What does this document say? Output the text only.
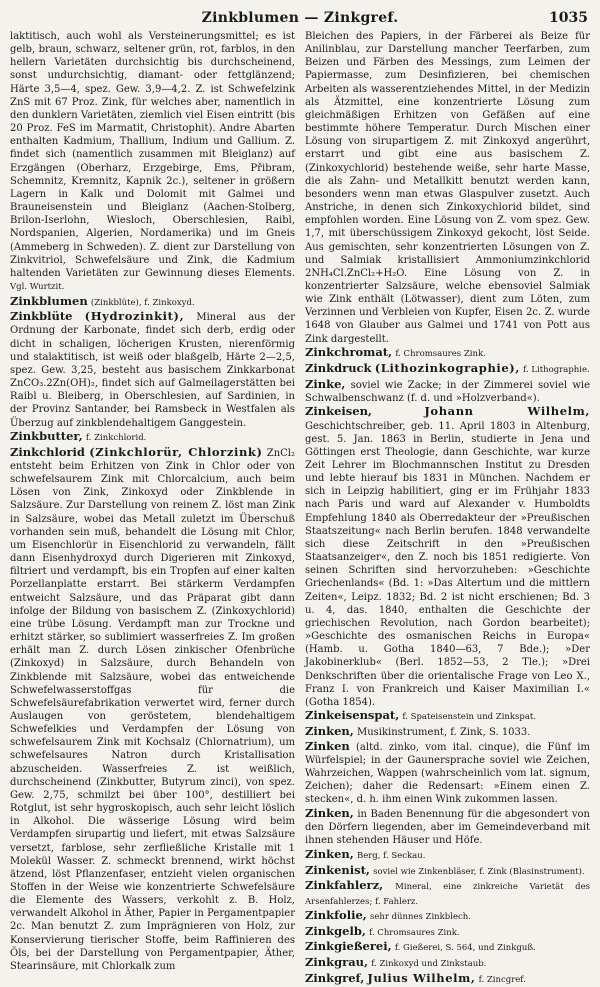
Zinkblumen — Zinkgref.	1035

laktitisch, auch wohl als Versteinerungsmittel; es ist gelb, braun, schwarz, seltener grün, rot, farblos, in den hellern Varietäten durchsichtig bis durchscheinend, sonst undurchsichtig, diamant- oder fettglänzend; Härte 3,5—4, spez. Gew. 3,9—4,2. Z. ist Schwefelzink ZnS mit 67 Proz. Zink, für welches aber, namentlich in den dunklern Varietäten, ziemlich viel Eisen eintritt (bis 20 Proz. FeS im Marmatit, Christophit). Andre Abarten enthalten Kadmium, Thallium, Indium und Gallium. Z. findet sich (namentlich zusammen mit Bleiglanz) auf Erzgängen (Oberharz, Erzgebirge, Ems, Přibram, Schemnitz, Kremnitz, Kapnik 2c.), seltener in größern Lagern in Kalk und Dolomit mit Galmei und Brauneisenstein und Bleiglanz (Aachen-Stolberg, Brilon-Iserlohn, Wiesloch, Oberschlesien, Raibl, Nordspanien, Algerien, Nordamerika) und im Gneis (Ammeberg in Schweden). Z. dient zur Darstellung von Zinkvitriol, Schwefelsäure und Zink, die Kadmium haltenden Varietäten zur Gewinnung dieses Elements. Vgl. Wurtzit.

Zinkblumen (Zinkblüte), f. Zinkoxyd.

Zinkblüte (Hydrozinkit), Mineral aus der Ordnung der Karbonate, findet sich derb, erdig oder dicht in schaligen, löcherigen Krusten, nierenförmig und stalaktitisch, ist weiß oder blaßgelb, Härte 2—2,5, spez. Gew. 3,25, besteht aus basischem Zinkkarbonat ZnCO₃.2Zn(OH)₂, findet sich auf Galmeilagerstätten bei Raibl u. Bleiberg, in Oberschlesien, auf Sardinien, in der Provinz Santander, bei Ramsbeck in Westfalen als Überzug auf zinkblendehaltigem Ganggestein.

Zinkbutter, f. Zinkchlorid.

Zinkchlorid (Zinkchlorür, Chlorzink) ZnCl₂ entsteht beim Erhitzen von Zink in Chlor oder von schwefelsaurem Zink mit Chlorcalcium, auch beim Lösen von Zink, Zinkoxyd oder Zinkblende in Salzsäure. Zur Darstellung von reinem Z. löst man Zink in Salzsäure, wobei das Metall zuletzt im Überschuß vorhanden sein muß, behandelt die Lösung mit Chlor, um Eisenchlorür in Eisenchlorid zu verwandeln, fällt dann Eisenhydroxyd durch Digerieren mit Zinkoxyd, filtriert und verdampft, bis ein Tropfen auf einer kalten Porzellanplatte erstarrt. Bei stärkerm Verdampfen entweicht Salzsäure, und das Präparat gibt dann infolge der Bildung von basischem Z. (Zinkoxychlorid) eine trübe Lösung. Verdampft man zur Trockne und erhitzt stärker, so sublimiert wasserfreies Z. Im großen erhält man Z. durch Lösen zinkischer Ofenbrüche (Zinkoxyd) in Salzsäure, durch Behandeln von Zinkblende mit Salzsäure, wobei das entweichende Schwefelwasserstoffgas für die Schwefelsäurefabrikation verwertet wird, ferner durch Auslaugen von geröstetem, blendehaltigem Schwefelkies und Verdampfen der Lösung von schwefelsaurem Zink mit Kochsalz (Chlornatrium), um schwefelsaures Natron durch Kristallisation abzuscheiden. Wasserfreies Z. ist weißlich, durchscheinend (Zinkbutter, Butyrum zinci), von spez. Gew. 2,75, schmilzt bei über 100°, destilliert bei Rotglut, ist sehr hygroskopisch, auch sehr leicht löslich in Alkohol. Die wässerige Lösung wird beim Verdampfen sirupartig und liefert, mit etwas Salzsäure versetzt, farblose, sehr zerfließliche Kristalle mit 1 Molekül Wasser. Z. schmeckt brennend, wirkt höchst ätzend, löst Pflanzenfaser, entzieht vielen organischen Stoffen in der Weise wie konzentrierte Schwefelsäure die Elemente des Wassers, verkohlt z. B. Holz, verwandelt Alkohol in Äther, Papier in Pergamentpapier 2c. Man benutzt Z. zum Imprägnieren von Holz, zur Konservierung tierischer Stoffe, beim Raffinieren des Öls, bei der Darstellung von Pergamentpapier, Äther, Stearinsäure, mit Chlorkalk zum

Bleichen des Papiers, in der Färberei als Beize für Anilinblau, zur Darstellung mancher Teerfarben, zum Beizen und Färben des Messings, zum Leimen der Papiermasse, zum Desinfizieren, bei chemischen Arbeiten als wasserentziehendes Mittel, in der Medizin als Ätzmittel, eine konzentrierte Lösung zum gleichmäßigen Erhitzen von Gefäßen auf eine bestimmte höhere Temperatur. Durch Mischen einer Lösung von sirupartigem Z. mit Zinkoxyd angerührt, erstarrt und gibt eine aus basischem Z. (Zinkoxychlorid) bestehende weiße, sehr harte Masse, die als Zahn- und Metallkitt benutzt werden kann, besonders wenn man etwas Glaspulver zusetzt. Auch Anstriche, in denen sich Zinkoxychlorid bildet, sind empfohlen worden. Eine Lösung von Z. vom spez. Gew. 1,7, mit überschüssigem Zinkoxyd gekocht, löst Seide. Aus gemischten, sehr konzentrierten Lösungen von Z. und Salmiak kristallisiert Ammoniumzinkchlorid 2NH₄Cl.ZnCl₂+H₂O. Eine Lösung von Z. in konzentrierter Salzsäure, welche ebensoviel Salmiak wie Zink enthält (Lötwasser), dient zum Löten, zum Verzinnen und Verbleien von Kupfer, Eisen 2c. Z. wurde 1648 von Glauber aus Galmei und 1741 von Pott aus Zink dargestellt.

Zinkchromat, f. Chromsaures Zink.

Zinkdruck (Lithozinkographie), f. Lithographie.

Zinke, soviel wie Zacke; in der Zimmerei soviel wie Schwalbenschwanz (f. d. und »Holzverband«).

Zinkeisen,	Johann Wilhelm, Geschichtschreiber, geb. 11. April 1803 in Altenburg, gest. 5. Jan. 1863 in Berlin, studierte in Jena und Göttingen erst Theologie, dann Geschichte, war kurze Zeit Lehrer im Blochmannschen Institut zu Dresden und lebte hierauf bis 1831 in München. Nachdem er sich in Leipzig habilitiert, ging er im Frühjahr 1833 nach Paris und ward auf Alexander v. Humboldts Empfehlung 1840 als Oberredakteur der »Preußischen Staatszeitung« nach Berlin berufen. 1848 verwandelte sich diese Zeitschrift in den »Preußischen Staatsanzeiger«, den Z. noch bis 1851 redigierte. Von seinen Schriften sind hervorzuheben: »Geschichte Griechenlands« (Bd. 1: »Das Altertum und die mittlern Zeiten«, Leipz. 1832; Bd. 2 ist nicht erschienen; Bd. 3 u. 4, das. 1840, enthalten die Geschichte der griechischen Revolution, nach Gordon bearbeitet); »Geschichte des osmanischen Reichs in Europa« (Hamb. u. Gotha 1840—63, 7 Bde.); »Der Jakobinerklub« (Berl. 1852—53, 2 Tle.); »Drei Denkschriften über die orientalische Frage von Leo X., Franz I. von Frankreich und Kaiser Maximilian I.« (Gotha 1854).

Zinkeisenspat, f. Spateisenstein und Zinkspat.

Zinken, Musikinstrument, f. Zink, S. 1033.

Zinken (altd. zinko, vom ital. cinque), die Fünf im Würfelspiel; in der Gaunersprache soviel wie Zeichen, Wahrzeichen, Wappen (wahrscheinlich vom lat. signum, Zeichen); daher die Redensart: »Einem einen Z. stecken«, d. h. ihm einen Wink zukommen lassen.

Zinken, in Baden Benennung für die abgesondert von den Dörfern liegenden, aber im Gemeindeverband mit ihnen stehenden Häuser und Höfe.

Zinken, Berg, f. Seckau.

Zinkenist, soviel wie Zinkenbläser, f. Zink (Blasinstrument).

Zinkfahlerz, Mineral, eine zinkreiche Varietät des Arsenfahlerzes; f. Fahlerz.

Zinkfolie, sehr dünnes Zinkblech.

Zinkgelb, f. Chromsaures Zink.

Zinkgießerei, f. Gießerei, S. 564, und Zinkguß.

Zinkgrau, f. Zinkoxyd und Zinkstaub.

Zinkgref, Julius Wilhelm, f. Zincgref.
